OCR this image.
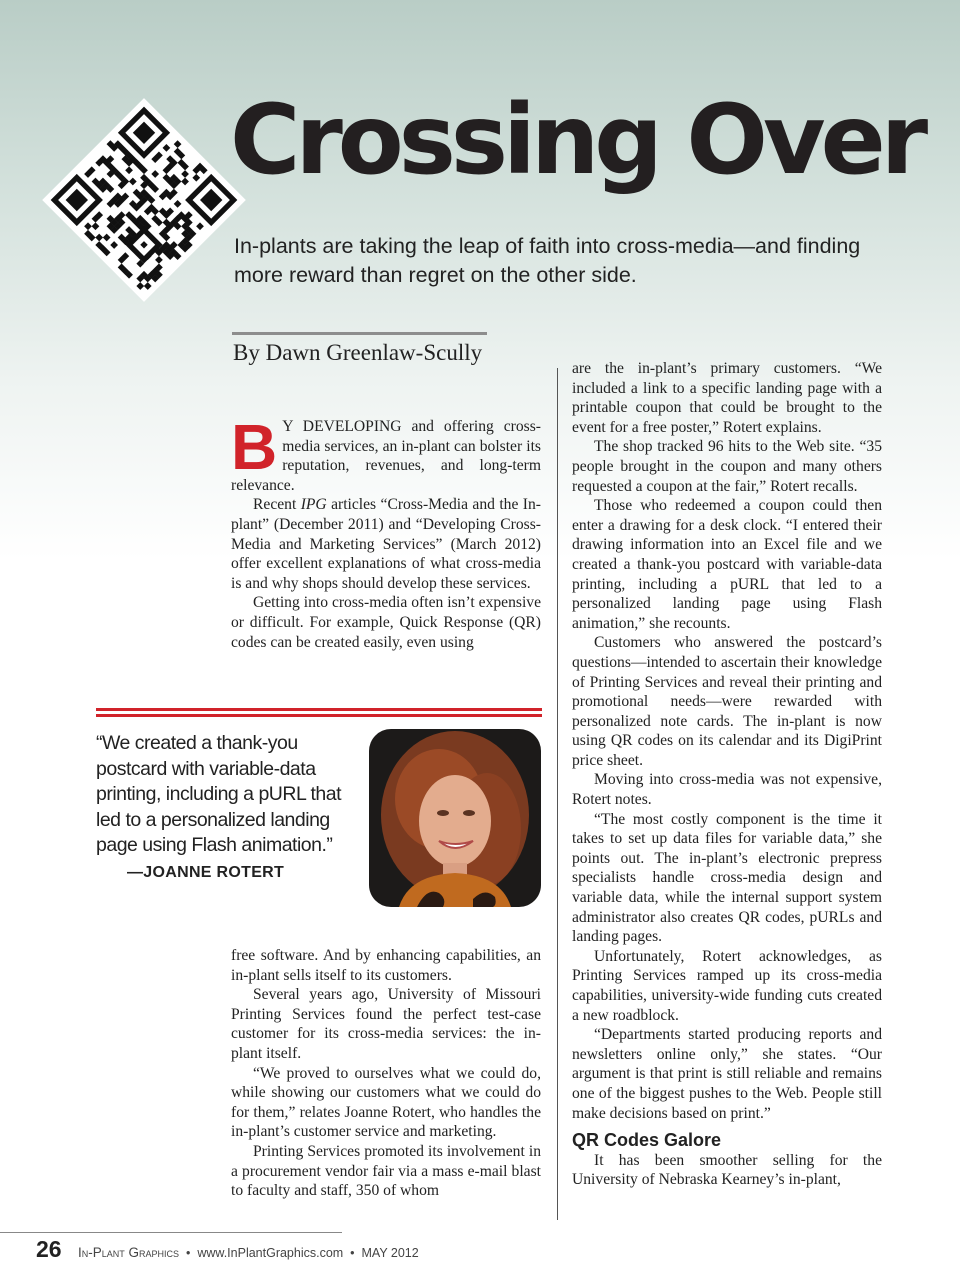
Crossing Over
In-plants are taking the leap of faith into cross-media—and finding more reward than regret on the other side.
By Dawn Greenlaw-Scully

B Y DEVELOPING and offering cross-media services, an in-plant can bolster its reputation, revenues, and long-term relevance.

Recent IPG articles “Cross-Media and the In-plant” (December 2011) and “Developing Cross-Media and Marketing Services” (March 2012) offer excellent explanations of what cross-media is and why shops should develop these services.

Getting into cross-media often isn’t expensive or difficult. For example, Quick Response (QR) codes can be created easily, even using

“We created a thank-you postcard with variable-data printing, including a pURL that led to a personalized landing page using Flash animation.”
—JOANNE ROTERT

free software. And by enhancing capabilities, an in-plant sells itself to its customers.

Several years ago, University of Missouri Printing Services found the perfect test-case customer for its cross-media services: the in-plant itself.

“We proved to ourselves what we could do, while showing our customers what we could do for them,” relates Joanne Rotert, who handles the in-plant’s customer service and marketing.

Printing Services promoted its involvement in a procurement vendor fair via a mass e-mail blast to faculty and staff, 350 of whom

are the in-plant’s primary customers. “We included a link to a specific landing page with a printable coupon that could be brought to the event for a free poster,” Rotert explains.

The shop tracked 96 hits to the Web site. “35 people brought in the coupon and many others requested a coupon at the fair,” Rotert recalls.

Those who redeemed a coupon could then enter a drawing for a desk clock. “I entered their drawing information into an Excel file and we created a thank-you postcard with variable-data printing, including a pURL that led to a personalized landing page using Flash animation,” she recounts.

Customers who answered the postcard’s questions—intended to ascertain their knowledge of Printing Services and reveal their printing and promotional needs—were rewarded with personalized note cards. The in-plant is now using QR codes on its calendar and its DigiPrint price sheet.

Moving into cross-media was not expensive, Rotert notes.

“The most costly component is the time it takes to set up data files for variable data,” she points out. The in-plant’s electronic prepress specialists handle cross-media design and variable data, while the internal support system administrator also creates QR codes, pURLs and landing pages.

Unfortunately, Rotert acknowledges, as Printing Services ramped up its cross-media capabilities, university-wide funding cuts created a new roadblock.

“Departments started producing reports and newsletters online only,” she states. “Our argument is that print is still reliable and remains one of the biggest pushes to the Web. People still make decisions based on print.”

QR Codes Galore

It has been smoother selling for the University of Nebraska Kearney’s in-plant,

26 In-Plant Graphics • www.InPlantGraphics.com • MAY 2012
